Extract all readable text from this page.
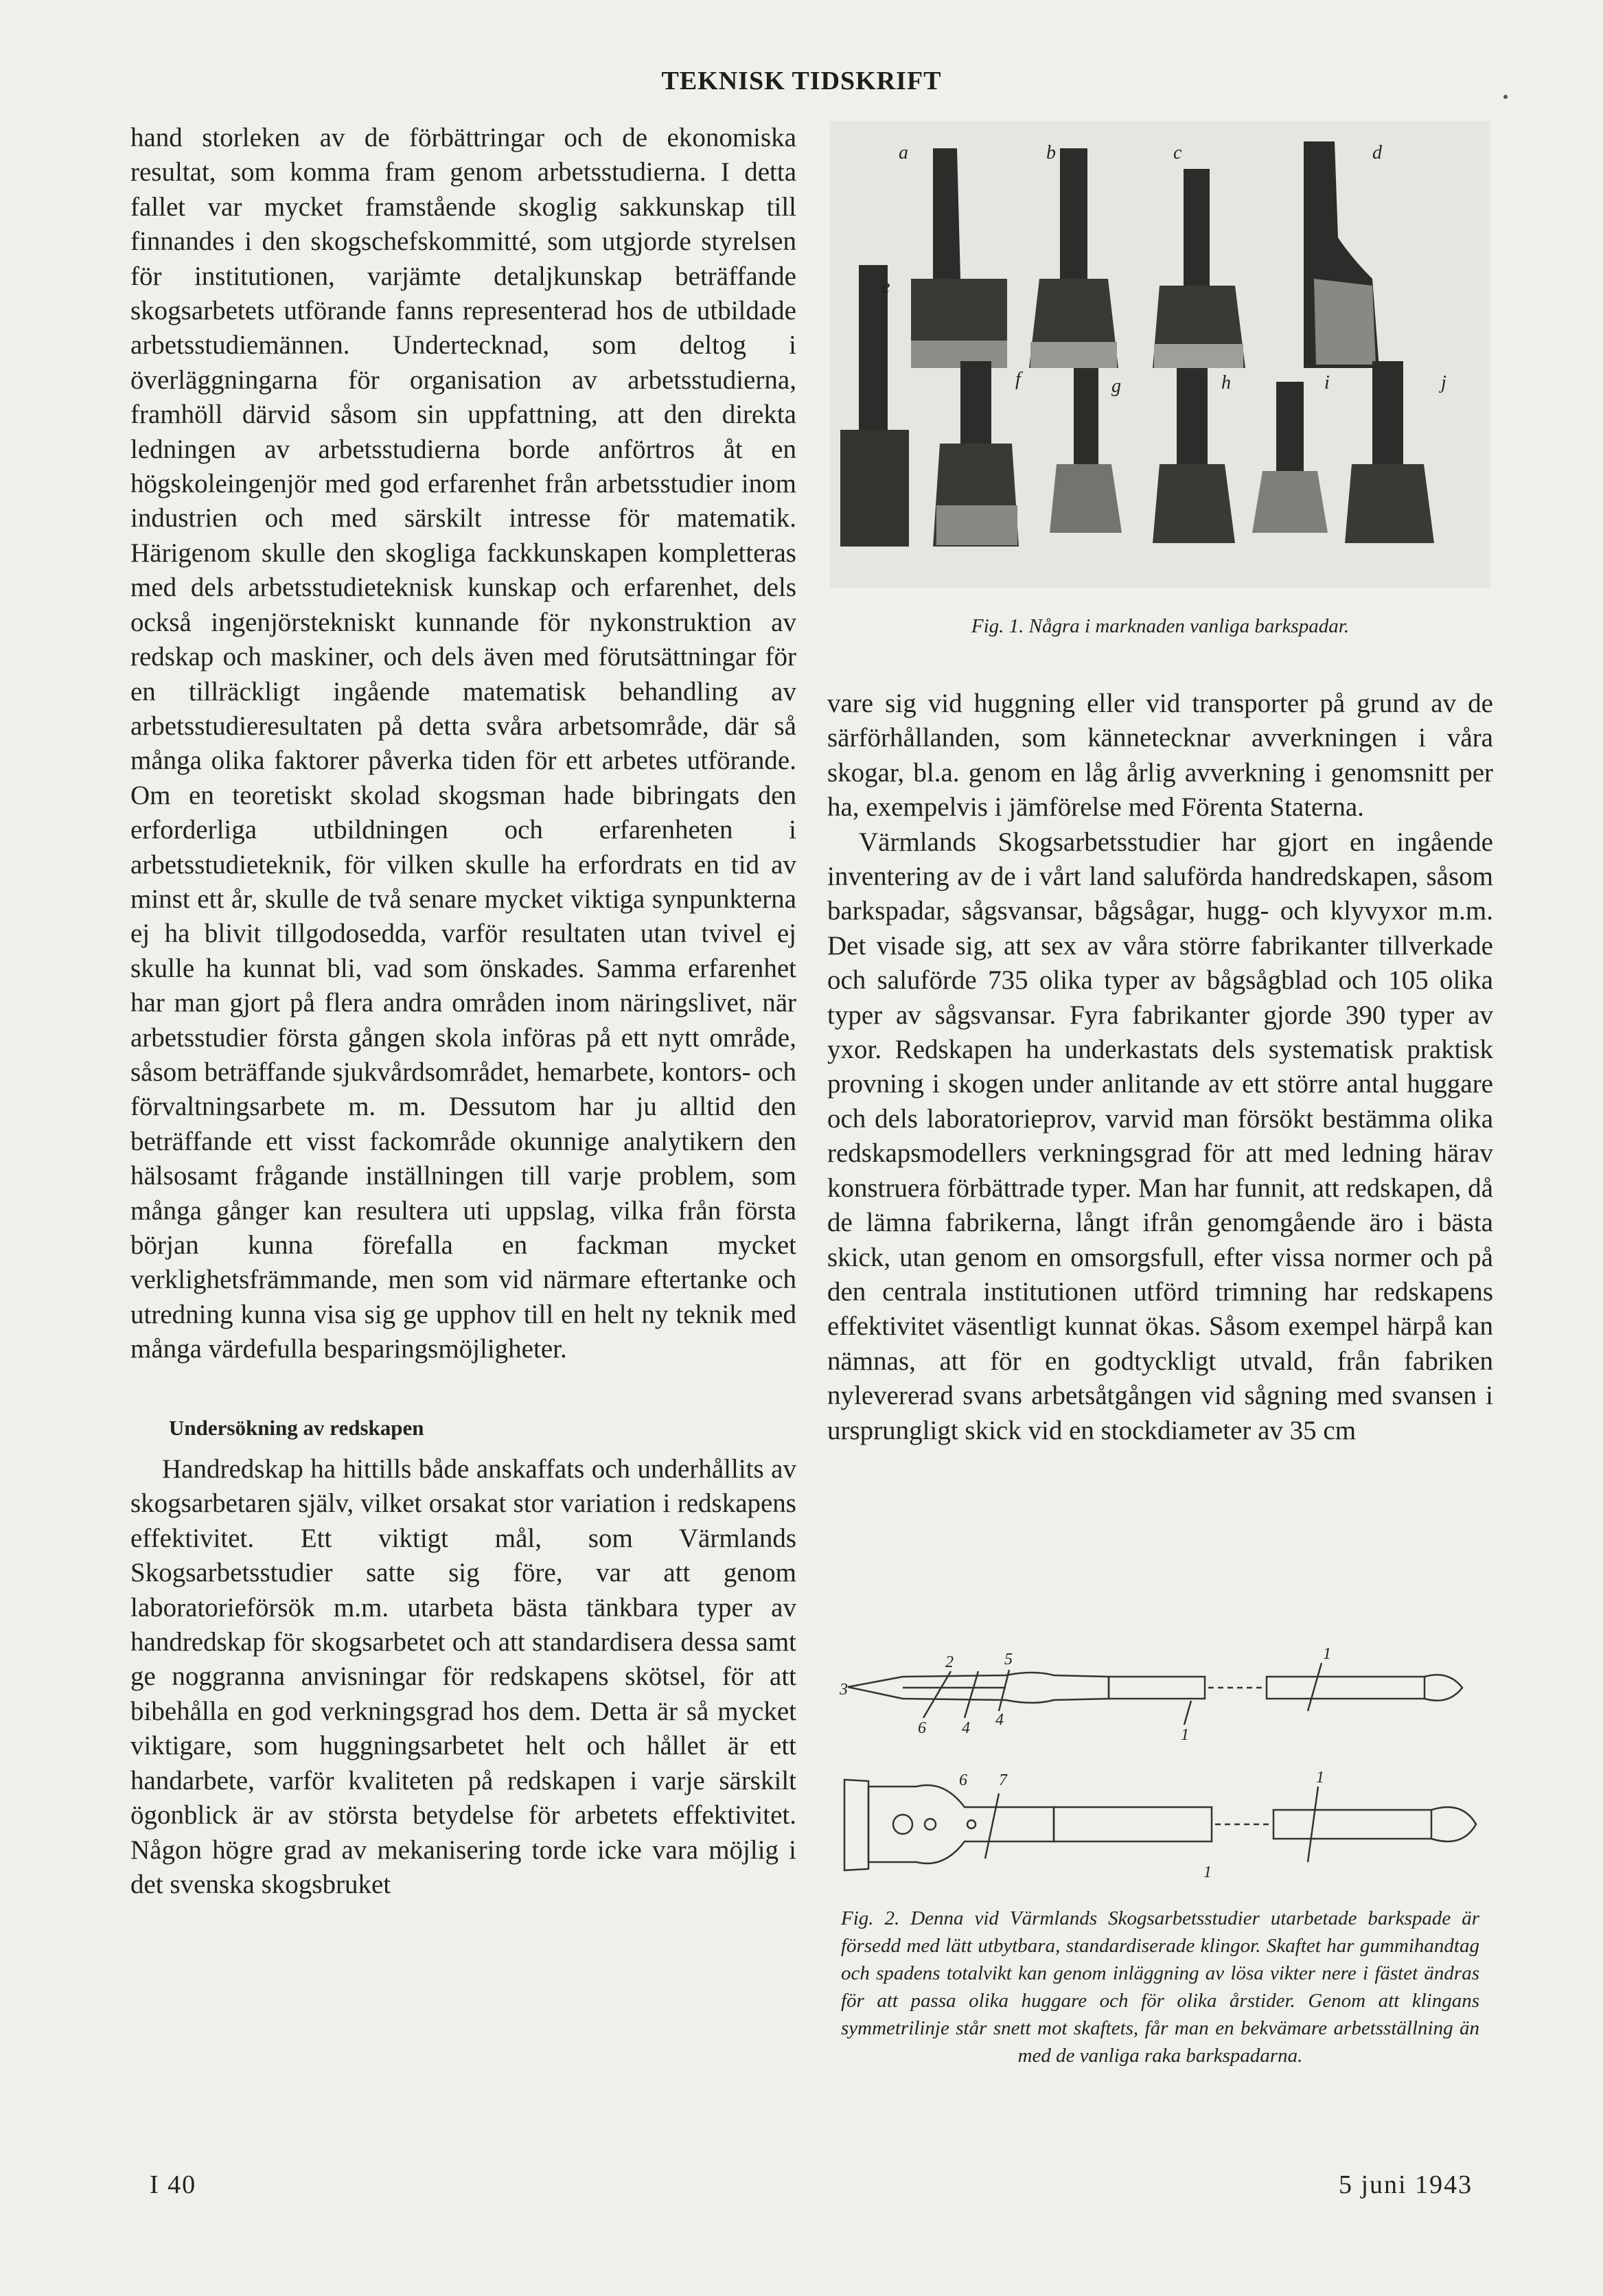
TEKNISK TIDSKRIFT

hand storleken av de förbättringar och de ekonomiska resultat, som komma fram genom arbetsstudierna. I detta fallet var mycket framstående skoglig sakkunskap till finnandes i den skogschefskommitté, som utgjorde styrelsen för institutionen, varjämte detaljkunskap beträffande skogsarbetets utförande fanns representerad hos de utbildade arbetsstudiemännen. Undertecknad, som deltog i överläggningarna för organisation av arbetsstudierna, framhöll därvid såsom sin uppfattning, att den direkta ledningen av arbetsstudierna borde anförtros åt en högskoleingenjör med god erfarenhet från arbetsstudier inom industrien och med särskilt intresse för matematik. Härigenom skulle den skogliga fackkunskapen kompletteras med dels arbetsstudieteknisk kunskap och erfarenhet, dels också ingenjörstekniskt kunnande för nykonstruktion av redskap och maskiner, och dels även med förutsättningar för en tillräckligt ingående matematisk behandling av arbetsstudieresultaten på detta svåra arbetsområde, där så många olika faktorer påverka tiden för ett arbetes utförande. Om en teoretiskt skolad skogsman hade bibringats den erforderliga utbildningen och erfarenheten i arbetsstudieteknik, för vilken skulle ha erfordrats en tid av minst ett år, skulle de två senare mycket viktiga synpunkterna ej ha blivit tillgodosedda, varför resultaten utan tvivel ej skulle ha kunnat bli, vad som önskades. Samma erfarenhet har man gjort på flera andra områden inom näringslivet, när arbetsstudier första gången skola införas på ett nytt område, såsom beträffande sjukvårdsområdet, hemarbete, kontors- och förvaltningsarbete m. m. Dessutom har ju alltid den beträffande ett visst fackområde okunnige analytikern den hälsosamt frågande inställningen till varje problem, som många gånger kan resultera uti uppslag, vilka från första början kunna förefalla en fackman mycket verklighetsfrämmande, men som vid närmare eftertanke och utredning kunna visa sig ge upphov till en helt ny teknik med många värdefulla besparingsmöjligheter.

Undersökning av redskapen

Handredskap ha hittills både anskaffats och underhållits av skogsarbetaren själv, vilket orsakat stor variation i redskapens effektivitet. Ett viktigt mål, som Värmlands Skogsarbetsstudier satte sig före, var att genom laboratorieförsök m.m. utarbeta bästa tänkbara typer av handredskap för skogsarbetet och att standardisera dessa samt ge noggranna anvisningar för redskapens skötsel, för att bibehålla en god verkningsgrad hos dem. Detta är så mycket viktigare, som huggningsarbetet helt och hållet är ett handarbete, varför kvaliteten på redskapen i varje särskilt ögonblick är av största betydelse för arbetets effektivitet. Någon högre grad av mekanisering torde icke vara möjlig i det svenska skogsbruket

a	b	c	d
e
f	g	h	i	j
Fig. 1. Några i marknaden vanliga barkspadar.

vare sig vid huggning eller vid transporter på grund av de särförhållanden, som kännetecknar avverkningen i våra skogar, bl.a. genom en låg årlig avverkning i genomsnitt per ha, exempelvis i jämförelse med Förenta Staterna.

Värmlands Skogsarbetsstudier har gjort en ingående inventering av de i vårt land saluförda handredskapen, såsom barkspadar, sågsvansar, bågsågar, hugg- och klyvyxor m.m. Det visade sig, att sex av våra större fabrikanter tillverkade och saluförde 735 olika typer av bågsågblad och 105 olika typer av sågsvansar. Fyra fabrikanter gjorde 390 typer av yxor. Redskapen ha underkastats dels systematisk praktisk provning i skogen under anlitande av ett större antal huggare och dels laboratorieprov, varvid man försökt bestämma olika redskapsmodellers verkningsgrad för att med ledning härav konstruera förbättrade typer. Man har funnit, att redskapen, då de lämna fabrikerna, långt ifrån genomgående äro i bästa skick, utan genom en omsorgsfull, efter vissa normer och på den centrala institutionen utförd trimning har redskapens effektivitet väsentligt kunnat ökas. Såsom exempel härpå kan nämnas, att för en godtyckligt utvald, från fabriken nylevererad svans arbetsåtgången vid sågning med svansen i ursprungligt skick vid en stockdiameter av 35 cm

3
2	5
6 4 4
1
1
6 7	1
1
Fig. 2. Denna vid Värmlands Skogsarbetsstudier utarbetade barkspade är försedd med lätt utbytbara, standardiserade klingor. Skaftet har gummihandtag och spadens totalvikt kan genom inläggning av lösa vikter nere i fästet ändras för att passa olika huggare och för olika årstider. Genom att klingans symmetrilinje står snett mot skaftets, får man en bekvämare arbetsställning än med de vanliga raka barkspadarna.
I 40	5 juni 1943
